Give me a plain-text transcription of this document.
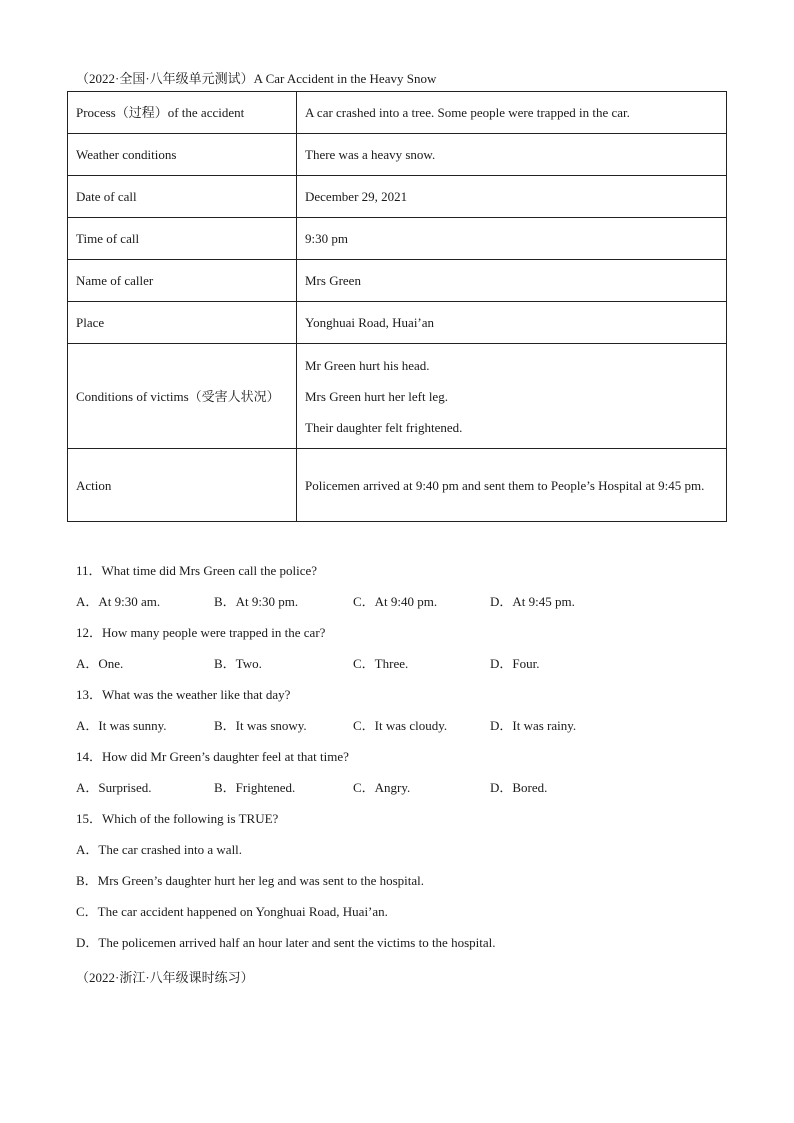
（2022·全国·八年级单元测试）A Car Accident in the Heavy Snow
Process（过程）of the accident	A car crashed into a tree. Some people were trapped in the car.
Weather conditions	There was a heavy snow.
Date of call	December 29, 2021
Time of call	9:30 pm
Name of caller	Mrs Green
Place	Yonghuai Road, Huai’an
Conditions of victims（受害人状况）	Mr Green hurt his head.
Mrs Green hurt her left leg.
Their daughter felt frightened.

Action	Policemen arrived at 9:40 pm and sent them to People’s Hospital at 9:45 pm.
11．What time did Mrs Green call the police?
A．At 9:30 am.	B．At 9:30 pm.	C．At 9:40 pm.	D．At 9:45 pm.
12．How many people were trapped in the car?
A．One.	B．Two.	C．Three.	D．Four.
13．What was the weather like that day?
A．It was sunny.	B．It was snowy.	C．It was cloudy.	D．It was rainy.
14．How did Mr Green’s daughter feel at that time?
A．Surprised.	B．Frightened.	C．Angry.	D．Bored.
15．Which of the following is TRUE?
A．The car crashed into a wall.
B．Mrs Green’s daughter hurt her leg and was sent to the hospital.
C．The car accident happened on Yonghuai Road, Huai’an.
D．The policemen arrived half an hour later and sent the victims to the hospital.
（2022·浙江·八年级课时练习）
